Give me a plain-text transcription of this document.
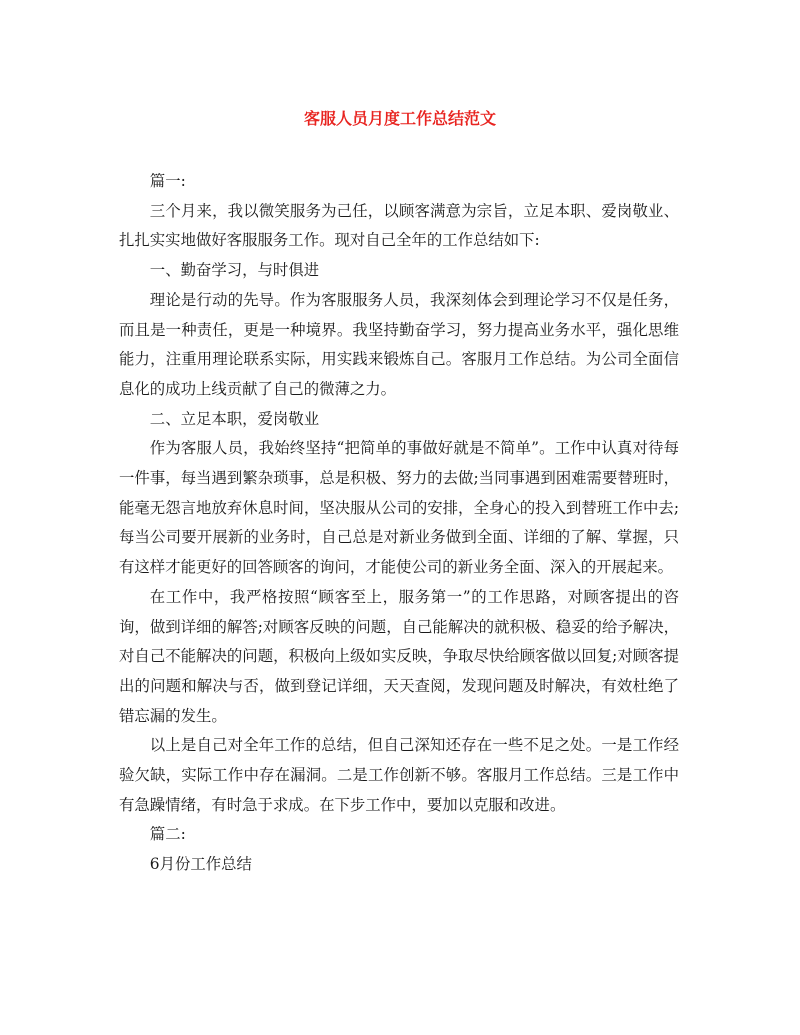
客服人员月度工作总结范文

篇一:

三个月来，我以微笑服务为己任，以顾客满意为宗旨，立足本职、爱岗敬业、扎扎实实地做好客服服务工作。现对自己全年的工作总结如下:

一、勤奋学习，与时俱进

理论是行动的先导。作为客服服务人员，我深刻体会到理论学习不仅是任务，而且是一种责任，更是一种境界。我坚持勤奋学习，努力提高业务水平，强化思维能力，注重用理论联系实际，用实践来锻炼自己。客服月工作总结。为公司全面信息化的成功上线贡献了自己的微薄之力。

二、立足本职，爱岗敬业

作为客服人员，我始终坚持“把简单的事做好就是不简单”。工作中认真对待每一件事，每当遇到繁杂琐事，总是积极、努力的去做;当同事遇到困难需要替班时，能毫无怨言地放弃休息时间，坚决服从公司的安排，全身心的投入到替班工作中去;每当公司要开展新的业务时，自己总是对新业务做到全面、详细的了解、掌握，只有这样才能更好的回答顾客的询问，才能使公司的新业务全面、深入的开展起来。

在工作中，我严格按照“顾客至上，服务第一”的工作思路，对顾客提出的咨询，做到详细的解答;对顾客反映的问题，自己能解决的就积极、稳妥的给予解决，对自己不能解决的问题，积极向上级如实反映，争取尽快给顾客做以回复;对顾客提出的问题和解决与否，做到登记详细，天天查阅，发现问题及时解决，有效杜绝了错忘漏的发生。

以上是自己对全年工作的总结，但自己深知还存在一些不足之处。一是工作经验欠缺，实际工作中存在漏洞。二是工作创新不够。客服月工作总结。三是工作中有急躁情绪，有时急于求成。在下步工作中，要加以克服和改进。

篇二:

6月份工作总结
